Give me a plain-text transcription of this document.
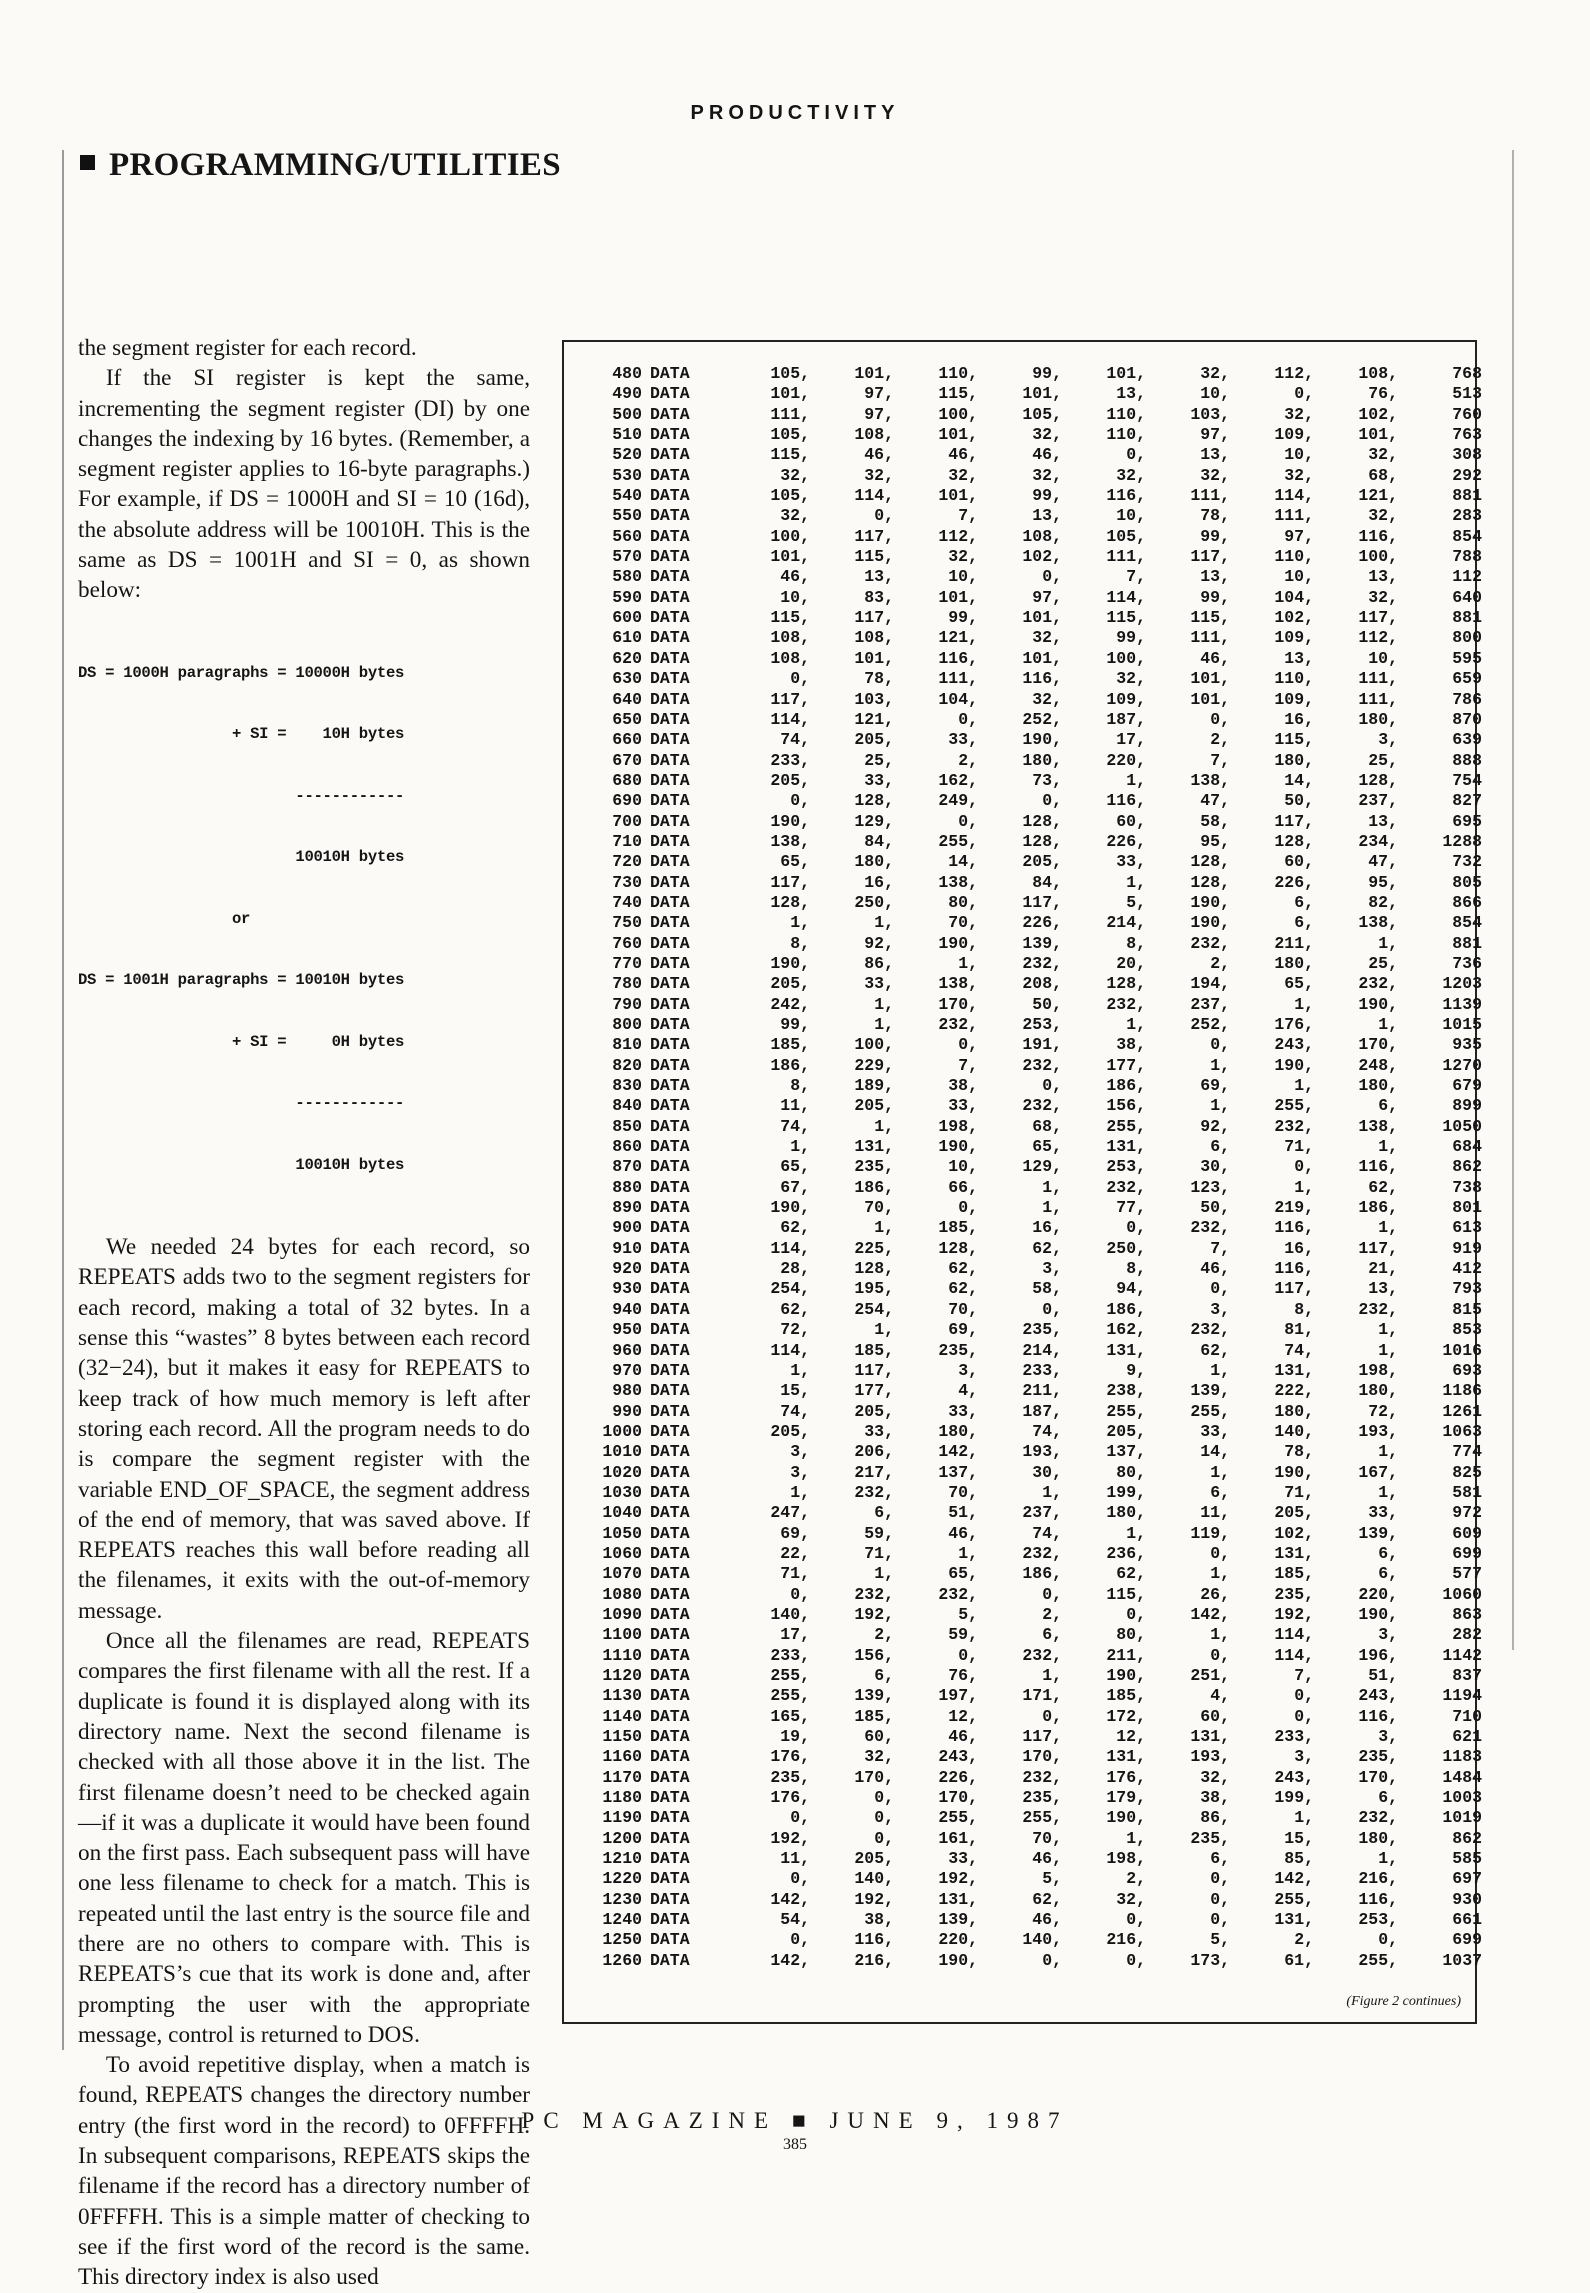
PRODUCTIVITY
PROGRAMMING/UTILITIES

the segment register for each record.

If the SI register is kept the same, incrementing the segment register (DI) by one changes the indexing by 16 bytes. (Remember, a segment register applies to 16-byte paragraphs.) For example, if DS = 1000H and SI = 10 (16d), the absolute address will be 10010H. This is the same as DS = 1001H and SI = 0, as shown below:

DS = 1000H paragraphs = 10000H bytes

+ SI =    10H bytes

------------

10010H bytes

or

DS = 1001H paragraphs = 10010H bytes

+ SI =     0H bytes

------------

10010H bytes

We needed 24 bytes for each record, so REPEATS adds two to the segment registers for each record, making a total of 32 bytes. In a sense this “wastes” 8 bytes between each record (32−24), but it makes it easy for REPEATS to keep track of how much memory is left after storing each record. All the program needs to do is compare the segment register with the variable END_OF_SPACE, the segment address of the end of memory, that was saved above. If REPEATS reaches this wall before reading all the filenames, it exits with the out-of-memory message.

Once all the filenames are read, REPEATS compares the first filename with all the rest. If a duplicate is found it is displayed along with its directory name. Next the second filename is checked with all those above it in the list. The first filename doesn’t need to be checked again—if it was a duplicate it would have been found on the first pass. Each subsequent pass will have one less filename to check for a match. This is repeated until the last entry is the source file and there are no others to compare with. This is REPEATS’s cue that its work is done and, after prompting the user with the appropriate message, control is returned to DOS.

To avoid repetitive display, when a match is found, REPEATS changes the directory number entry (the first word in the record) to 0FFFFH. In subsequent comparisons, REPEATS skips the filename if the record has a directory number of 0FFFFH. This is a simple matter of checking to see if the first word of the record is the same. This directory index is also used

480 DATA	105,	101,	110,	99,	101,	32,	112,	108,	768
490 DATA	101,	97,	115,	101,	13,	10,	0,	76,	513
500 DATA	111,	97,	100,	105,	110,	103,	32,	102,	760
510 DATA	105,	108,	101,	32,	110,	97,	109,	101,	763
520 DATA	115,	46,	46,	46,	0,	13,	10,	32,	308
530 DATA	32,	32,	32,	32,	32,	32,	32,	68,	292
540 DATA	105,	114,	101,	99,	116,	111,	114,	121,	881
550 DATA	32,	0,	7,	13,	10,	78,	111,	32,	283
560 DATA	100,	117,	112,	108,	105,	99,	97,	116,	854
570 DATA	101,	115,	32,	102,	111,	117,	110,	100,	788
580 DATA	46,	13,	10,	0,	7,	13,	10,	13,	112
590 DATA	10,	83,	101,	97,	114,	99,	104,	32,	640
600 DATA	115,	117,	99,	101,	115,	115,	102,	117,	881
610 DATA	108,	108,	121,	32,	99,	111,	109,	112,	800
620 DATA	108,	101,	116,	101,	100,	46,	13,	10,	595
630 DATA	0,	78,	111,	116,	32,	101,	110,	111,	659
640 DATA	117,	103,	104,	32,	109,	101,	109,	111,	786
650 DATA	114,	121,	0,	252,	187,	0,	16,	180,	870
660 DATA	74,	205,	33,	190,	17,	2,	115,	3,	639
670 DATA	233,	25,	2,	180,	220,	7,	180,	25,	888
680 DATA	205,	33,	162,	73,	1,	138,	14,	128,	754
690 DATA	0,	128,	249,	0,	116,	47,	50,	237,	827
700 DATA	190,	129,	0,	128,	60,	58,	117,	13,	695
710 DATA	138,	84,	255,	128,	226,	95,	128,	234,	1288
720 DATA	65,	180,	14,	205,	33,	128,	60,	47,	732
730 DATA	117,	16,	138,	84,	1,	128,	226,	95,	805
740 DATA	128,	250,	80,	117,	5,	190,	6,	82,	866
750 DATA	1,	1,	70,	226,	214,	190,	6,	138,	854
760 DATA	8,	92,	190,	139,	8,	232,	211,	1,	881
770 DATA	190,	86,	1,	232,	20,	2,	180,	25,	736
780 DATA	205,	33,	138,	208,	128,	194,	65,	232,	1203
790 DATA	242,	1,	170,	50,	232,	237,	1,	190,	1139
800 DATA	99,	1,	232,	253,	1,	252,	176,	1,	1015
810 DATA	185,	100,	0,	191,	38,	0,	243,	170,	935
820 DATA	186,	229,	7,	232,	177,	1,	190,	248,	1270
830 DATA	8,	189,	38,	0,	186,	69,	1,	180,	679
840 DATA	11,	205,	33,	232,	156,	1,	255,	6,	899
850 DATA	74,	1,	198,	68,	255,	92,	232,	138,	1050
860 DATA	1,	131,	190,	65,	131,	6,	71,	1,	684
870 DATA	65,	235,	10,	129,	253,	30,	0,	116,	862
880 DATA	67,	186,	66,	1,	232,	123,	1,	62,	738
890 DATA	190,	70,	0,	1,	77,	50,	219,	186,	801
900 DATA	62,	1,	185,	16,	0,	232,	116,	1,	613
910 DATA	114,	225,	128,	62,	250,	7,	16,	117,	919
920 DATA	28,	128,	62,	3,	8,	46,	116,	21,	412
930 DATA	254,	195,	62,	58,	94,	0,	117,	13,	793
940 DATA	62,	254,	70,	0,	186,	3,	8,	232,	815
950 DATA	72,	1,	69,	235,	162,	232,	81,	1,	853
960 DATA	114,	185,	235,	214,	131,	62,	74,	1,	1016
970 DATA	1,	117,	3,	233,	9,	1,	131,	198,	693
980 DATA	15,	177,	4,	211,	238,	139,	222,	180,	1186
990 DATA	74,	205,	33,	187,	255,	255,	180,	72,	1261
1000 DATA	205,	33,	180,	74,	205,	33,	140,	193,	1063
1010 DATA	3,	206,	142,	193,	137,	14,	78,	1,	774
1020 DATA	3,	217,	137,	30,	80,	1,	190,	167,	825
1030 DATA	1,	232,	70,	1,	199,	6,	71,	1,	581
1040 DATA	247,	6,	51,	237,	180,	11,	205,	33,	972
1050 DATA	69,	59,	46,	74,	1,	119,	102,	139,	609
1060 DATA	22,	71,	1,	232,	236,	0,	131,	6,	699
1070 DATA	71,	1,	65,	186,	62,	1,	185,	6,	577
1080 DATA	0,	232,	232,	0,	115,	26,	235,	220,	1060
1090 DATA	140,	192,	5,	2,	0,	142,	192,	190,	863
1100 DATA	17,	2,	59,	6,	80,	1,	114,	3,	282
1110 DATA	233,	156,	0,	232,	211,	0,	114,	196,	1142
1120 DATA	255,	6,	76,	1,	190,	251,	7,	51,	837
1130 DATA	255,	139,	197,	171,	185,	4,	0,	243,	1194
1140 DATA	165,	185,	12,	0,	172,	60,	0,	116,	710
1150 DATA	19,	60,	46,	117,	12,	131,	233,	3,	621
1160 DATA	176,	32,	243,	170,	131,	193,	3,	235,	1183
1170 DATA	235,	170,	226,	232,	176,	32,	243,	170,	1484
1180 DATA	176,	0,	170,	235,	179,	38,	199,	6,	1003
1190 DATA	0,	0,	255,	255,	190,	86,	1,	232,	1019
1200 DATA	192,	0,	161,	70,	1,	235,	15,	180,	862
1210 DATA	11,	205,	33,	46,	198,	6,	85,	1,	585
1220 DATA	0,	140,	192,	5,	2,	0,	142,	216,	697
1230 DATA	142,	192,	131,	62,	32,	0,	255,	116,	930
1240 DATA	54,	38,	139,	46,	0,	0,	131,	253,	661
1250 DATA	0,	116,	220,	140,	216,	5,	2,	0,	699
1260 DATA	142,	216,	190,	0,	0,	173,	61,	255,	1037
(Figure 2 continues)
PC MAGAZINE ■ JUNE 9, 1987
385
